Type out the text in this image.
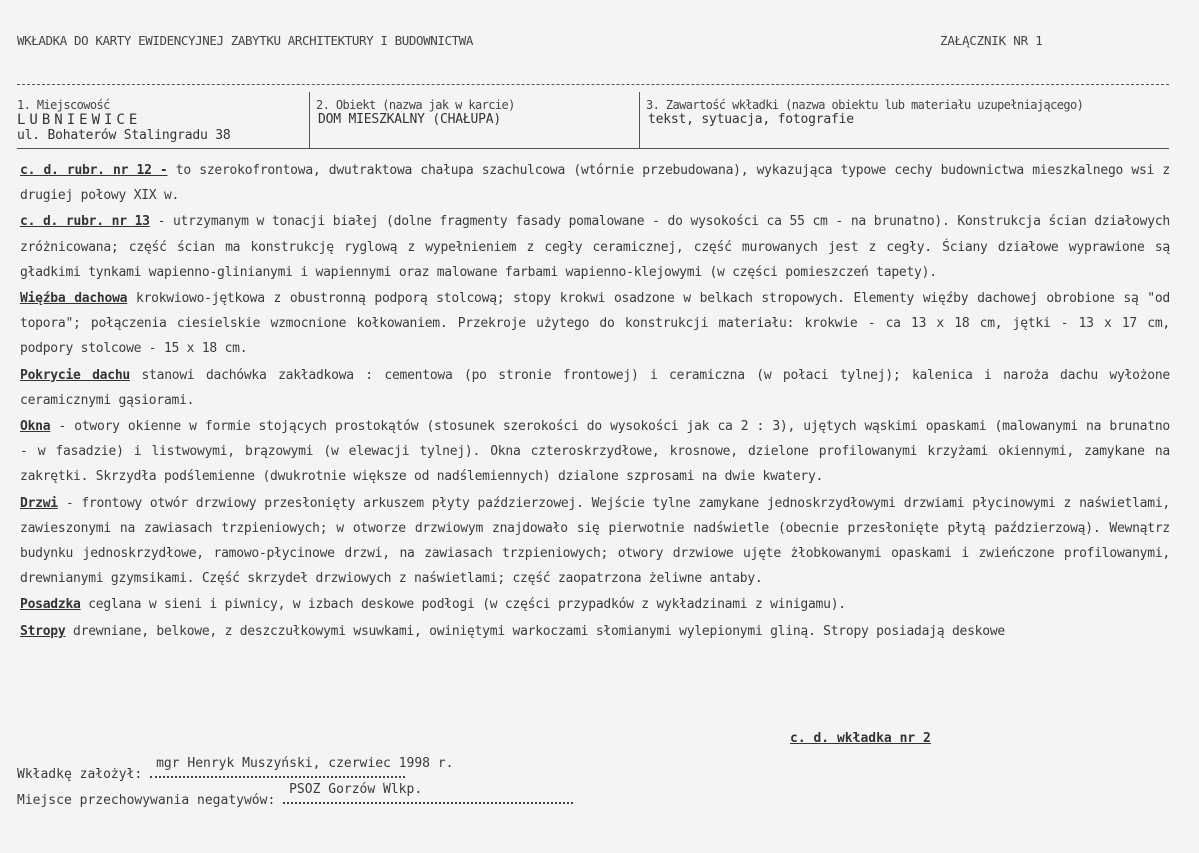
WKŁADKA DO KARTY EWIDENCYJNEJ ZABYTKU ARCHITEKTURY I BUDOWNICTWA	ZAŁĄCZNIK NR 1
1. Miejscowość
LUBNIEWICE
ul. Bohaterów Stalingradu 38
2. Obiekt (nazwa jak w karcie)
DOM MIESZKALNY (CHAŁUPA)
3. Zawartość wkładki (nazwa obiektu lub materiału uzupełniającego)
tekst, sytuacja, fotografie

c. d. rubr. nr 12 - to szerokofrontowa, dwutraktowa chałupa szachulcowa (wtórnie przebudowana), wykazująca typowe cechy budownictwa mieszkalnego wsi z drugiej połowy XIX w.

c. d. rubr. nr 13 - utrzymanym w tonacji białej (dolne fragmenty fasady pomalowane - do wysokości ca 55 cm - na brunatno). Konstrukcja ścian działowych zróżnicowana; część ścian ma konstrukcję ryglową z wypełnieniem z cegły ceramicznej, część murowanych jest z cegły. Ściany działowe wyprawione są gładkimi tynkami wapienno-glinianymi i wapiennymi oraz malowane farbami wapienno-klejowymi (w części pomieszczeń tapety).

Więźba dachowa krokwiowo-jętkowa z obustronną podporą stolcową; stopy krokwi osadzone w belkach stropowych. Elementy więźby dachowej obrobione są "od topora"; połączenia ciesielskie wzmocnione kołkowaniem. Przekroje użytego do konstrukcji materiału: krokwie - ca 13 x 18 cm, jętki - 13 x 17 cm, podpory stolcowe - 15 x 18 cm.

Pokrycie dachu stanowi dachówka zakładkowa : cementowa (po stronie frontowej) i ceramiczna (w połaci tylnej); kalenica i naroża dachu wyłożone ceramicznymi gąsiorami.

Okna - otwory okienne w formie stojących prostokątów (stosunek szerokości do wysokości jak ca 2 : 3), ujętych wąskimi opaskami (malowanymi na brunatno - w fasadzie) i listwowymi, brązowymi (w elewacji tylnej). Okna czteroskrzydłowe, krosnowe, dzielone profilowanymi krzyżami okiennymi, zamykane na zakrętki. Skrzydła podślemienne (dwukrotnie większe od nadślemiennych) dzialone szprosami na dwie kwatery.

Drzwi - frontowy otwór drzwiowy przesłonięty arkuszem płyty paździerzowej. Wejście tylne zamykane jednoskrzydłowymi drzwiami płycinowymi z naświetlami, zawieszonymi na zawiasach trzpieniowych; w otworze drzwiowym znajdowało się pierwotnie nadświetle (obecnie przesłonięte płytą paździerzową). Wewnątrz budynku jednoskrzydłowe, ramowo-płycinowe drzwi, na zawiasach trzpieniowych; otwory drzwiowe ujęte żłobkowanymi opaskami i zwieńczone profilowanymi, drewnianymi gzymsikami. Część skrzydeł drzwiowych z naświetlami; część zaopatrzona żeliwne antaby.

Posadzka ceglana w sieni i piwnicy, w izbach deskowe podłogi (w części przypadków z wykładzinami z winigamu).

Stropy drewniane, belkowe, z deszczułkowymi wsuwkami, owiniętymi warkoczami słomianymi wylepionymi gliną. Stropy posiadają deskowe

c. d. wkładka nr 2
Wkładkę założył:
mgr Henryk Muszyński, czerwiec 1998 r.
Miejsce przechowywania negatywów:
PSOZ Gorzów Wlkp.
